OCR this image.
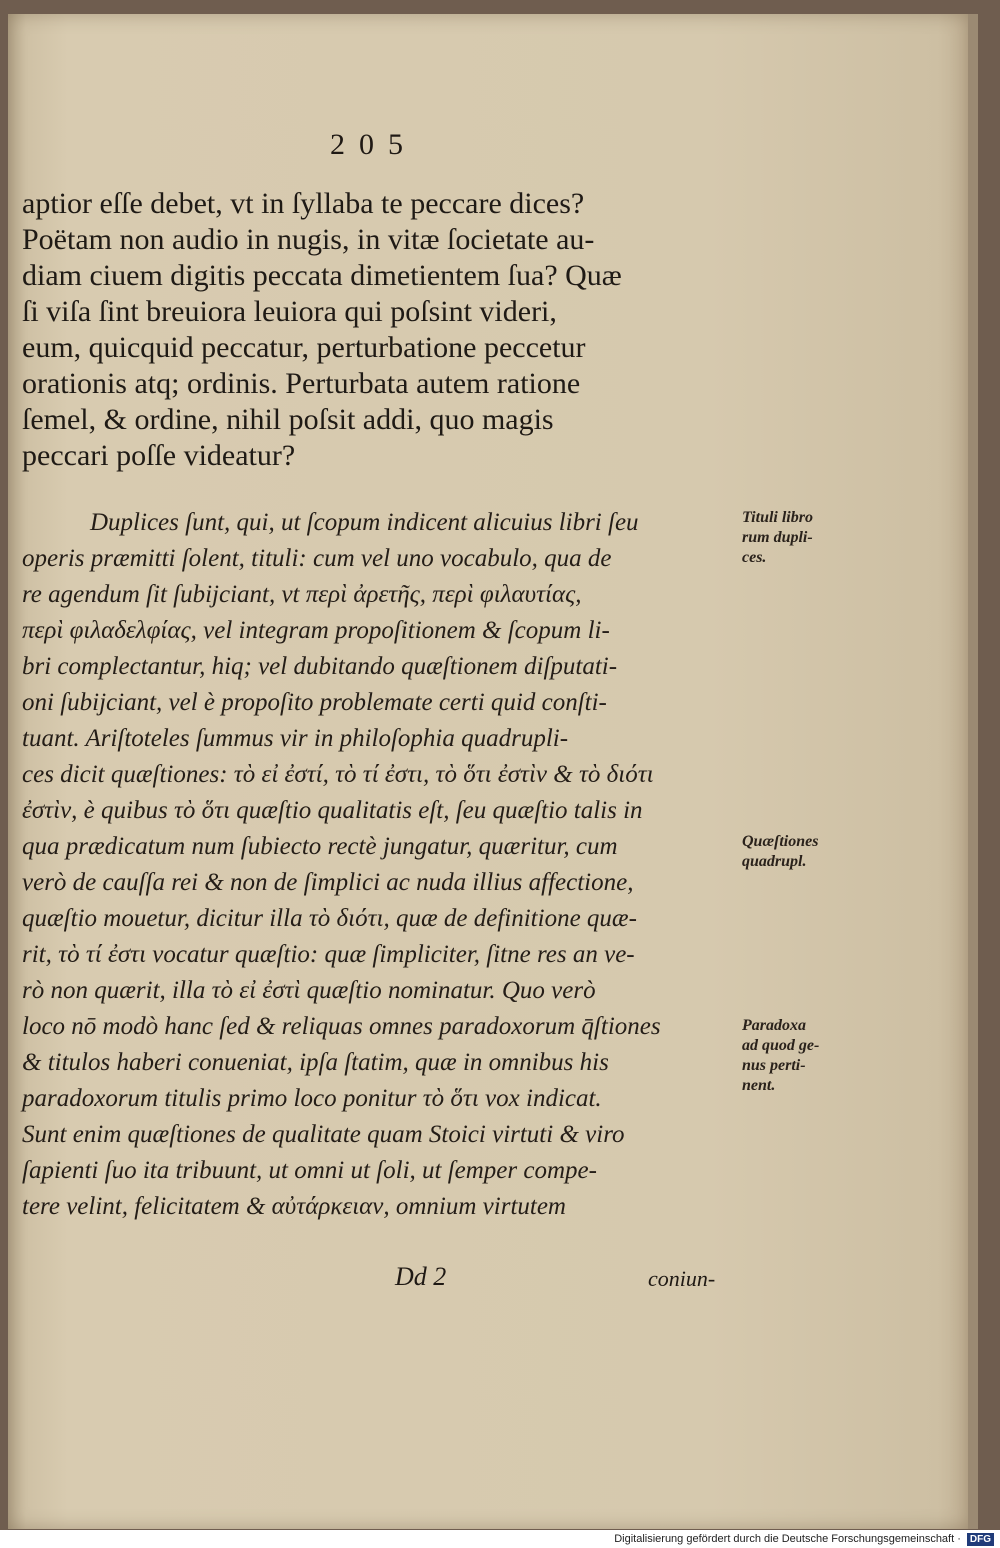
205
aptior eſſe debet, vt in ſyllaba te peccare dices?
Poëtam non audio in nugis, in vitæ ſocietate au-
diam ciuem digitis peccata dimetientem ſua? Quæ
ſi viſa ſint breuiora leuiora qui poſsint videri,
eum, quicquid peccatur, perturbatione peccetur
orationis atq; ordinis. Perturbata autem ratione
ſemel, & ordine, nihil poſsit addi, quo magis
peccari poſſe videatur?
Duplices ſunt, qui, ut ſcopum indicent alicuius libri ſeu
operis præmitti ſolent, tituli: cum vel uno vocabulo, qua de
re agendum ſit ſubijciant, vt περὶ ἀρετῆς, περὶ φιλαυτίας,
περὶ φιλαδελφίας, vel integram propoſitionem & ſcopum li-
bri complectantur, hiq; vel dubitando quæſtionem diſputati-
oni ſubijciant, vel è propoſito problemate certi quid conſti-
tuant. Ariſtoteles ſummus vir in philoſophia quadrupli-
ces dicit quæſtiones: τὸ εἰ ἐστί, τὸ τί ἐστι, τὸ ὅτι ἐστὶν & τὸ διότι
ἐστὶν, è quibus τὸ ὅτι quæſtio qualitatis eſt, ſeu quæſtio talis in
qua prædicatum num ſubiecto rectè jungatur, quæritur, cum
verò de cauſſa rei & non de ſimplici ac nuda illius affectione,
quæſtio mouetur, dicitur illa τὸ διότι, quæ de definitione quæ-
rit, τὸ τί ἐστι vocatur quæſtio: quæ ſimpliciter, ſitne res an ve-
rò non quærit, illa τὸ εἰ ἐστὶ quæſtio nominatur. Quo verò
loco nō modò hanc ſed & reliquas omnes paradoxorum q̄ſtiones
& titulos haberi conueniat, ipſa ſtatim, quæ in omnibus his
paradoxorum titulis primo loco ponitur τὸ ὅτι vox indicat.
Sunt enim quæſtiones de qualitate quam Stoici virtuti & viro
ſapienti ſuo ita tribuunt, ut omni ut ſoli, ut ſemper compe-
tere velint, felicitatem & αὐτάρκειαν, omnium virtutem
Tituli libro
rum dupli-
ces.
Quæſtiones
quadrupl.
Paradoxa
ad quod ge-
nus perti-
nent.
Dd 2	coniun-
Digitalisierung gefördert durch die Deutsche Forschungsgemeinschaft · DFG
